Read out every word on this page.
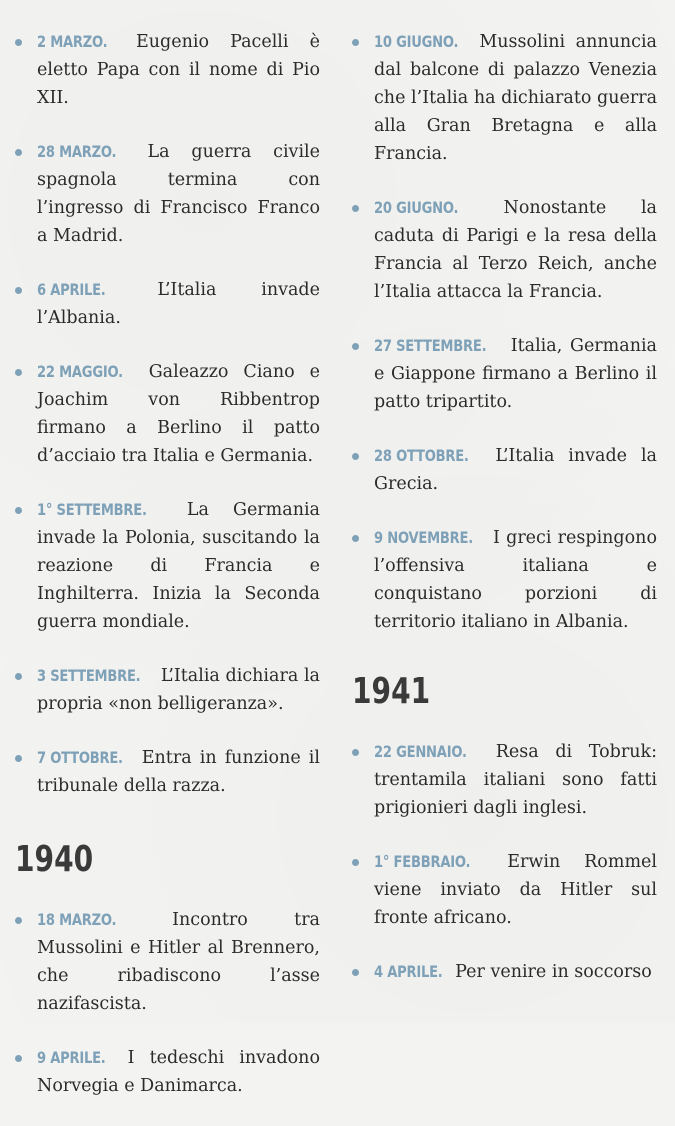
2 MARZO. Eugenio Pacelli è eletto Papa con il nome di Pio XII.
28 MARZO. La guerra civile spagnola termina con l’ingresso di Francisco Franco a Madrid.
6 APRILE.	L’Italia invade l’Albania.
22 MAGGIO. Galeazzo Ciano e Joachim von Ribbentrop firmano a Berlino il patto d’acciaio tra Italia e Germania.
1° SETTEMBRE. La Germania invade la Polonia, suscitando la reazione di Francia e Inghilterra. Inizia la Seconda guerra mondiale.
3 SETTEMBRE. L’Italia dichiara la propria «non belligeranza».
7 OTTOBRE. Entra in funzione il tribunale della razza.
1940
18 MARZO.	Incontro tra Mussolini e Hitler al Brennero, che ribadiscono l’asse nazifascista.
9 APRILE. I tedeschi invadono Norvegia e Danimarca.
10 GIUGNO. Mussolini annuncia dal balcone di palazzo Venezia che l’Italia ha dichiarato guerra alla Gran Bretagna e alla Francia.
20 GIUGNO.	Nonostante la caduta di Parigi e la resa della Francia al Terzo Reich, anche l’Italia attacca la Francia.
27 SETTEMBRE. Italia, Germania e Giappone firmano a Berlino il patto tripartito.
28 OTTOBRE. L’Italia invade la Grecia.
9 NOVEMBRE. I greci respingono l’offensiva italiana e conquistano porzioni di territorio italiano in Albania.
1941
22 GENNAIO. Resa di Tobruk: trentamila italiani sono fatti prigionieri dagli inglesi.
1° FEBBRAIO. Erwin Rommel viene inviato da Hitler sul fronte africano.
4 APRILE. Per venire in soccorso
